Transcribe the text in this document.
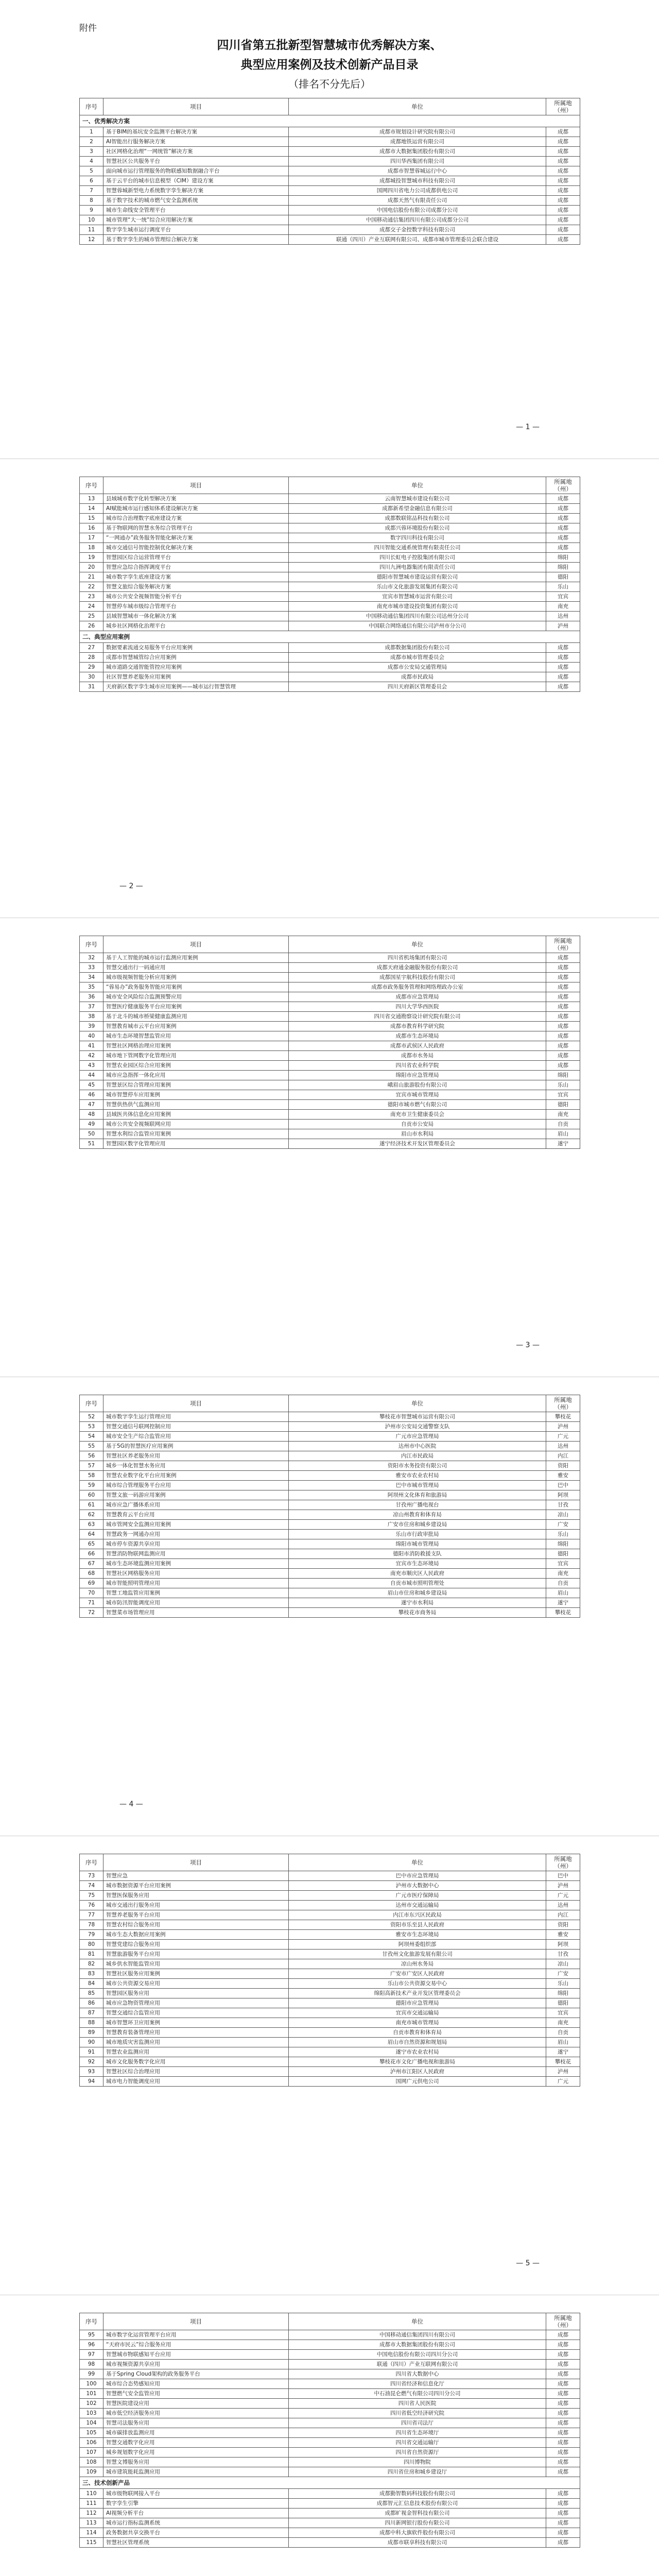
附件
四川省第五批新型智慧城市优秀解决方案、
典型应用案例及技术创新产品目录
（排名不分先后）
序号	项目	单位	所属地（州）
一、优秀解决方案			
1	基于BIM的基坑安全监测平台解决方案	成都市规划设计研究院有限公司	成都
2	AI智能出行服务解决方案	成都地铁运营有限公司	成都
3	社区网格化治理“一网统管”解决方案	成都市大数据集团股份有限公司	成都
4	智慧社区公共服务平台	四川华西集团有限公司	成都
5	面向城市运行管理服务的物联感知数据融合平台	成都市智慧蓉城运行中心	成都
6	基于云平台的城市信息模型（CIM）建设方案	成都城投智慧城市科技有限公司	成都
7	智慧蓉城新型电力系统数字孪生解决方案	国网四川省电力公司成都供电公司	成都
8	基于数字技术的城市燃气安全监测系统	成都天然气有限责任公司	成都
9	城市生命线安全管理平台	中国电信股份有限公司成都分公司	成都
10	城市管理“大一统”综合应用解决方案	中国移动通信集团四川有限公司成都分公司	成都
11	数字孪生城市运行调度平台	成都交子金控数字科技有限公司	成都
12	基于数字孪生的城市管理综合解决方案	联通（四川）产业互联网有限公司、成都市城市管理委员会联合建设	成都
— 1 —
序号	项目	单位	所属地（州）
13	县域城市数字化转型解决方案	云南智慧城市建设有限公司	成都
14	AI赋能城市运行感知体系建设解决方案	成都新希望金融信息有限公司	成都
15	城市综合治理数字底座建设方案	成都数联铭品科技有限公司	成都
16	基于物联网的智慧水务综合管理平台	成都兴蓉环境股份有限公司	成都
17	“一网通办”政务服务智能化解决方案	数字四川科技有限公司	成都
18	城市交通信号智能控制优化解决方案	四川智能交通系统管理有限责任公司	成都
19	智慧园区综合运营管理平台	四川长虹电子控股集团有限公司	绵阳
20	智慧应急综合指挥调度平台	四川九洲电器集团有限责任公司	绵阳
21	城市数字孪生底座建设方案	德阳市智慧城市建设运营有限公司	德阳
22	智慧文旅综合服务解决方案	乐山市文化旅游发展集团有限公司	乐山
23	城市公共安全视频智能分析平台	宜宾市智慧城市运营有限公司	宜宾
24	智慧停车城市级综合管理平台	南充市城市建设投资集团有限公司	南充
25	县域智慧城市一体化解决方案	中国移动通信集团四川有限公司达州分公司	达州
26	城乡社区网格化治理平台	中国联合网络通信有限公司泸州市分公司	泸州
二、典型应用案例			
27	数据要素流通交易服务平台应用案例	成都数据集团股份有限公司	成都
28	成都市智慧城管综合应用案例	成都市城市管理委员会	成都
29	城市道路交通智能管控应用案例	成都市公安局交通管理局	成都
30	社区智慧养老服务应用案例	成都市民政局	成都
31	天府新区数字孪生城市应用案例——城市运行智慧管理	四川天府新区管理委员会	成都
— 2 —
序号	项目	单位	所属地（州）
32	基于人工智能的城市运行监测应用案例	四川省机场集团有限公司	成都
33	智慧交通出行一码通应用	成都天府通金融服务股份有限公司	成都
34	城市级视频智能分析应用案例	成都国星宇航科技股份有限公司	成都
35	“蓉易办”政务服务智能应用案例	成都市政务服务管理和网络理政办公室	成都
36	城市安全风险综合监测预警应用	成都市应急管理局	成都
37	智慧医疗健康服务平台应用案例	四川大学华西医院	成都
38	基于北斗的城市桥梁健康监测应用	四川省交通勘察设计研究院有限公司	成都
39	智慧教育城市云平台应用案例	成都市教育科学研究院	成都
40	城市生态环境智慧监管应用	成都市生态环境局	成都
41	智慧社区网格治理应用案例	成都市武侯区人民政府	成都
42	城市地下管网数字化管理应用	成都市水务局	成都
43	智慧农业园区综合应用案例	四川省农业科学院	成都
44	城市应急指挥一体化应用	绵阳市应急管理局	绵阳
45	智慧景区综合管理应用案例	峨眉山旅游股份有限公司	乐山
46	城市智慧停车应用案例	宜宾市城市管理局	宜宾
47	智慧供热供气监测应用	德阳市城市燃气有限公司	德阳
48	县域医共体信息化应用案例	南充市卫生健康委员会	南充
49	城市公共安全视频联网应用	自贡市公安局	自贡
50	智慧水利综合监管应用案例	眉山市水利局	眉山
51	智慧园区数字化管理应用	遂宁经济技术开发区管理委员会	遂宁
— 3 —
序号	项目	单位	所属地（州）
52	城市数字孪生运行管理应用	攀枝花市智慧城市运营有限公司	攀枝花
53	智慧交通信号联网控制应用	泸州市公安局交通警察支队	泸州
54	城市安全生产综合监管应用	广元市应急管理局	广元
55	基于5G的智慧医疗应用案例	达州市中心医院	达州
56	智慧社区养老服务应用	内江市民政局	内江
57	城乡一体化智慧水务应用	资阳市水务投资有限公司	资阳
58	智慧农业数字化平台应用案例	雅安市农业农村局	雅安
59	城市综合管理服务平台应用	巴中市城市管理局	巴中
60	智慧文旅一码游应用案例	阿坝州文化体育和旅游局	阿坝
61	城市应急广播体系应用	甘孜州广播电视台	甘孜
62	智慧教育云平台应用	凉山州教育和体育局	凉山
63	城市管网安全监测应用案例	广安市住房和城乡建设局	广安
64	智慧政务一网通办应用	乐山市行政审批局	乐山
65	城市停车资源共享应用	绵阳市城市管理局	绵阳
66	智慧消防物联网监测应用	德阳市消防救援支队	德阳
67	城市生态环境监测应用案例	宜宾市生态环境局	宜宾
68	智慧社区网格服务应用	南充市顺庆区人民政府	南充
69	城市智能照明管理应用	自贡市城市照明管理处	自贡
70	智慧工地监管应用案例	眉山市住房和城乡建设局	眉山
71	城市防汛智能调度应用	遂宁市水利局	遂宁
72	智慧菜市场管理应用	攀枝花市商务局	攀枝花
— 4 —
序号	项目	单位	所属地（州）
73	智慧应急	巴中市应急管理局	巴中
74	城市数据资源平台应用案例	泸州市大数据中心	泸州
75	智慧医保服务应用	广元市医疗保障局	广元
76	城市交通出行服务应用	达州市交通运输局	达州
77	智慧养老服务平台应用	内江市东兴区民政局	内江
78	智慧农村综合服务应用	资阳市乐至县人民政府	资阳
79	城市生态大数据应用案例	雅安市生态环境局	雅安
80	智慧党建综合服务应用	阿坝州委组织部	阿坝
81	智慧旅游服务平台应用	甘孜州文化旅游发展有限公司	甘孜
82	城乡供水智能监管应用	凉山州水务局	凉山
83	智慧社区服务应用案例	广安市广安区人民政府	广安
84	城市公共资源交易应用	乐山市公共资源交易中心	乐山
85	智慧园区服务应用	绵阳高新技术产业开发区管理委员会	绵阳
86	城市应急物资管理应用	德阳市应急管理局	德阳
87	智慧交通综合监管应用	宜宾市交通运输局	宜宾
88	城市智慧环卫应用案例	南充市城市管理局	南充
89	智慧教育装备管理应用	自贡市教育和体育局	自贡
90	城市地质灾害监测应用	眉山市自然资源和规划局	眉山
91	智慧农业监测应用	遂宁市农业农村局	遂宁
92	城市文化服务数字化应用	攀枝花市文化广播电视和旅游局	攀枝花
93	智慧社区综合治理应用	泸州市江阳区人民政府	泸州
94	城市电力智能调度应用	国网广元供电公司	广元
— 5 —
序号	项目	单位	所属地（州）
95	城市数字化运营管理平台应用	中国移动通信集团四川有限公司	成都
96	“天府市民云”综合服务应用	成都市大数据集团股份有限公司	成都
97	智慧城市物联感知平台应用	中国电信股份有限公司四川分公司	成都
98	城市视频资源共享应用	联通（四川）产业互联网有限公司	成都
99	基于Spring Cloud架构的政务服务平台	四川省大数据中心	成都
100	城市综合态势感知应用	四川省经济和信息化厅	成都
101	智慧燃气安全监管应用	中石油昆仑燃气有限公司四川分公司	成都
102	智慧医院建设应用	四川省人民医院	成都
103	城市低空经济服务应用	四川省低空经济研究院	成都
104	智慧司法服务应用	四川省司法厅	成都
105	城市碳排放监测应用	四川省生态环境厅	成都
106	智慧交通数字化应用	四川省交通运输厅	成都
107	城乡规划数字化应用	四川省自然资源厅	成都
108	智慧文博服务应用	四川博物院	成都
109	城市建筑能耗监测应用	四川省住房和城乡建设厅	成都
三、技术创新产品			
110	城市级物联网接入平台	成都勤智数码科技股份有限公司	成都
111	数字孪生引擎	成都智元汇信息技术股份有限公司	成都
112	AI视频分析平台	成都旷视金智科技有限公司	成都
113	城市运行指标监测系统	四川新网银行股份有限公司	成都
114	政务数据共享交换平台	成都中科大旗软件股份有限公司	成都
115	智慧社区管理系统	成都市联享科技有限公司	成都
